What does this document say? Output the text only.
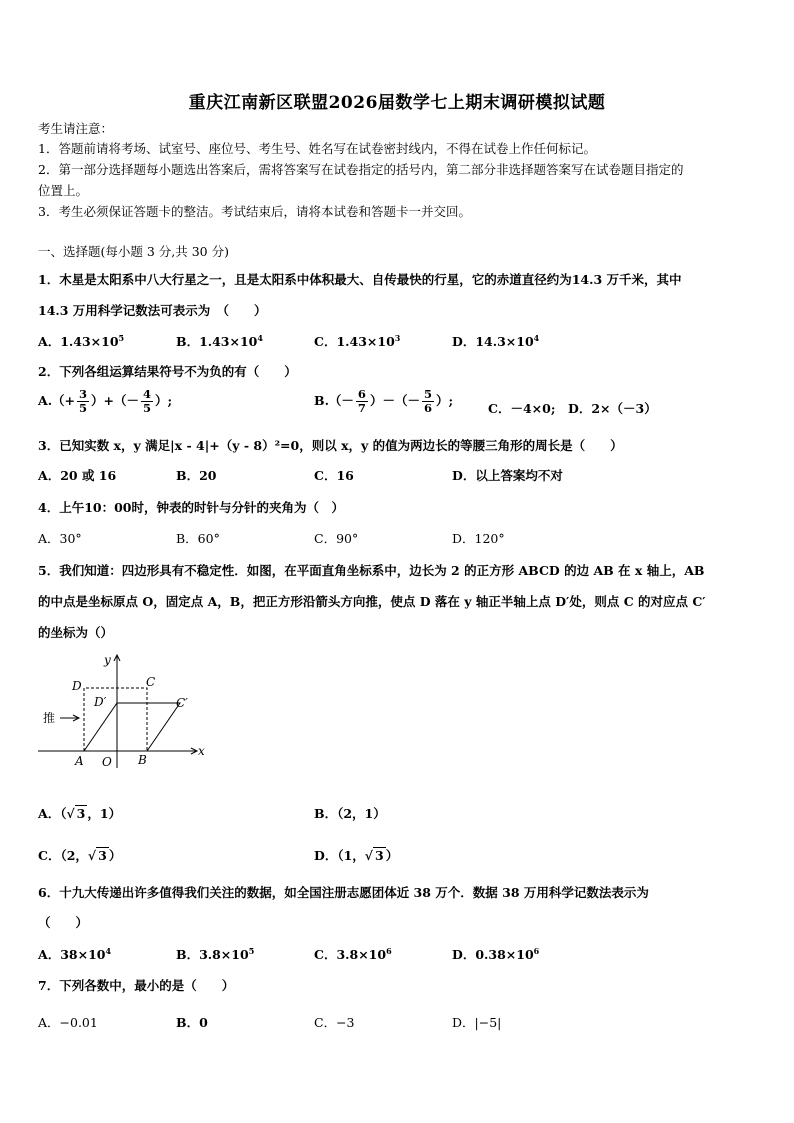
重庆江南新区联盟2026届数学七上期末调研模拟试题
考生请注意：
1．答题前请将考场、试室号、座位号、考生号、姓名写在试卷密封线内，不得在试卷上作任何标记。
2．第一部分选择题每小题选出答案后，需将答案写在试卷指定的括号内，第二部分非选择题答案写在试卷题目指定的
位置上。
3．考生必须保证答题卡的整洁。考试结束后，请将本试卷和答题卡一并交回。
一、选择题(每小题 3 分,共 30 分)
1．木星是太阳系中八大行星之一，且是太阳系中体积最大、自传最快的行星，它的赤道直径约为14.3 万千米，其中
14.3 万用科学记数法可表示为　（　　）
A．$1.43\times 10^5$	B．$1.43\times 10^4$	C．$1.43\times 10^3$	D．$14.3\times 10^4$
2．下列各组运算结果符号不为负的有（　　）
$A.(+ \frac{3}{5}$ ）+（－ $\frac{4}{5}$ ）;	$B.(- \frac{6}{7}$ ）－（－ $\frac{5}{6}$ ）;
C．－4×0; D．2×（－3）
3．已知实数 x，y 满足|x - 4|+（y - 8）²=0，则以 x，y 的值为两边长的等腰三角形的周长是（　　）
A．20 或 16	B．20	C．16	D．以上答案均不对
4．上午10：00时，钟表的时针与分针的夹角为（　）
A．30°	B．60°	C．90°	D．120°
5．我们知道：四边形具有不稳定性．如图，在平面直角坐标系中，边长为 2 的正方形 ABCD 的边 AB 在 x 轴上，AB
的中点是坐标原点 O，固定点 A，B，把正方形沿箭头方向推，使点 D 落在 y 轴正半轴上点 D′处，则点 C 的对应点 C′
的坐标为（）
y
x
推
D	C
D′	C′
A O B
A．（√ 3 ，1）	B．（2，1）
C．（2，√ 3 ）	D．（1，√ 3 ）
6．十九大传递出许多值得我们关注的数据，如全国注册志愿团体近 38 万个．数据 38 万用科学记数法表示为
（　　）
A．$38\times 10^4$	B．$3.8\times 10^5$	C．$3.8\times 10^6$	D．$0.38\times 10^6$
7．下列各数中，最小的是（　　）
A．−0.01	B．0	C．−3	D．|−5|
